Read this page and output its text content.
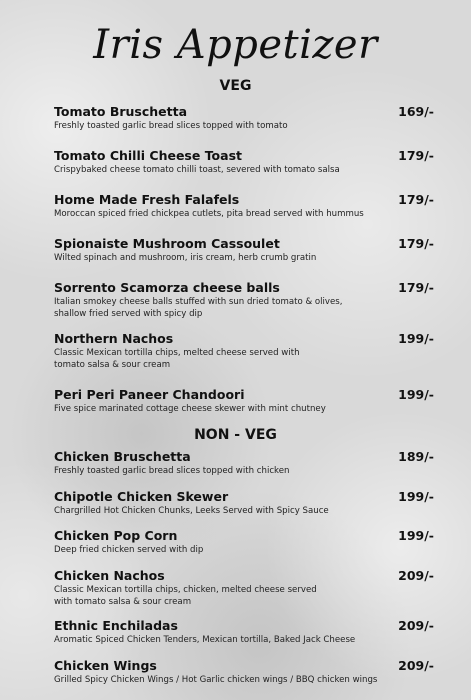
Iris Appetizer
VEG
Tomato Bruschetta	169/-
Freshly toasted garlic bread slices topped with tomato
Tomato Chilli Cheese Toast	179/-
Crispybaked cheese tomato chilli toast, severed with tomato salsa
Home Made Fresh Falafels	179/-
Moroccan spiced fried chickpea cutlets, pita bread served with hummus
Spionaiste Mushroom Cassoulet	179/-
Wilted spinach and mushroom, iris cream, herb crumb gratin
Sorrento Scamorza cheese balls	179/-
Italian smokey cheese balls stuffed with sun dried tomato & olives,
shallow fried served with spicy dip
Northern Nachos	199/-
Classic Mexican tortilla chips, melted cheese served with
tomato salsa & sour cream
Peri Peri Paneer Chandoori	199/-
Five spice marinated cottage cheese skewer with mint chutney
NON - VEG
Chicken Bruschetta	189/-
Freshly toasted garlic bread slices topped with chicken
Chipotle Chicken Skewer	199/-
Chargrilled Hot Chicken Chunks, Leeks Served with Spicy Sauce
Chicken Pop Corn	199/-
Deep fried chicken served with dip
Chicken Nachos	209/-
Classic Mexican tortilla chips, chicken, melted cheese served
with tomato salsa & sour cream
Ethnic Enchiladas	209/-
Aromatic Spiced Chicken Tenders, Mexican tortilla, Baked Jack Cheese
Chicken Wings	209/-
Grilled Spicy Chicken Wings / Hot Garlic chicken wings / BBQ chicken wings
